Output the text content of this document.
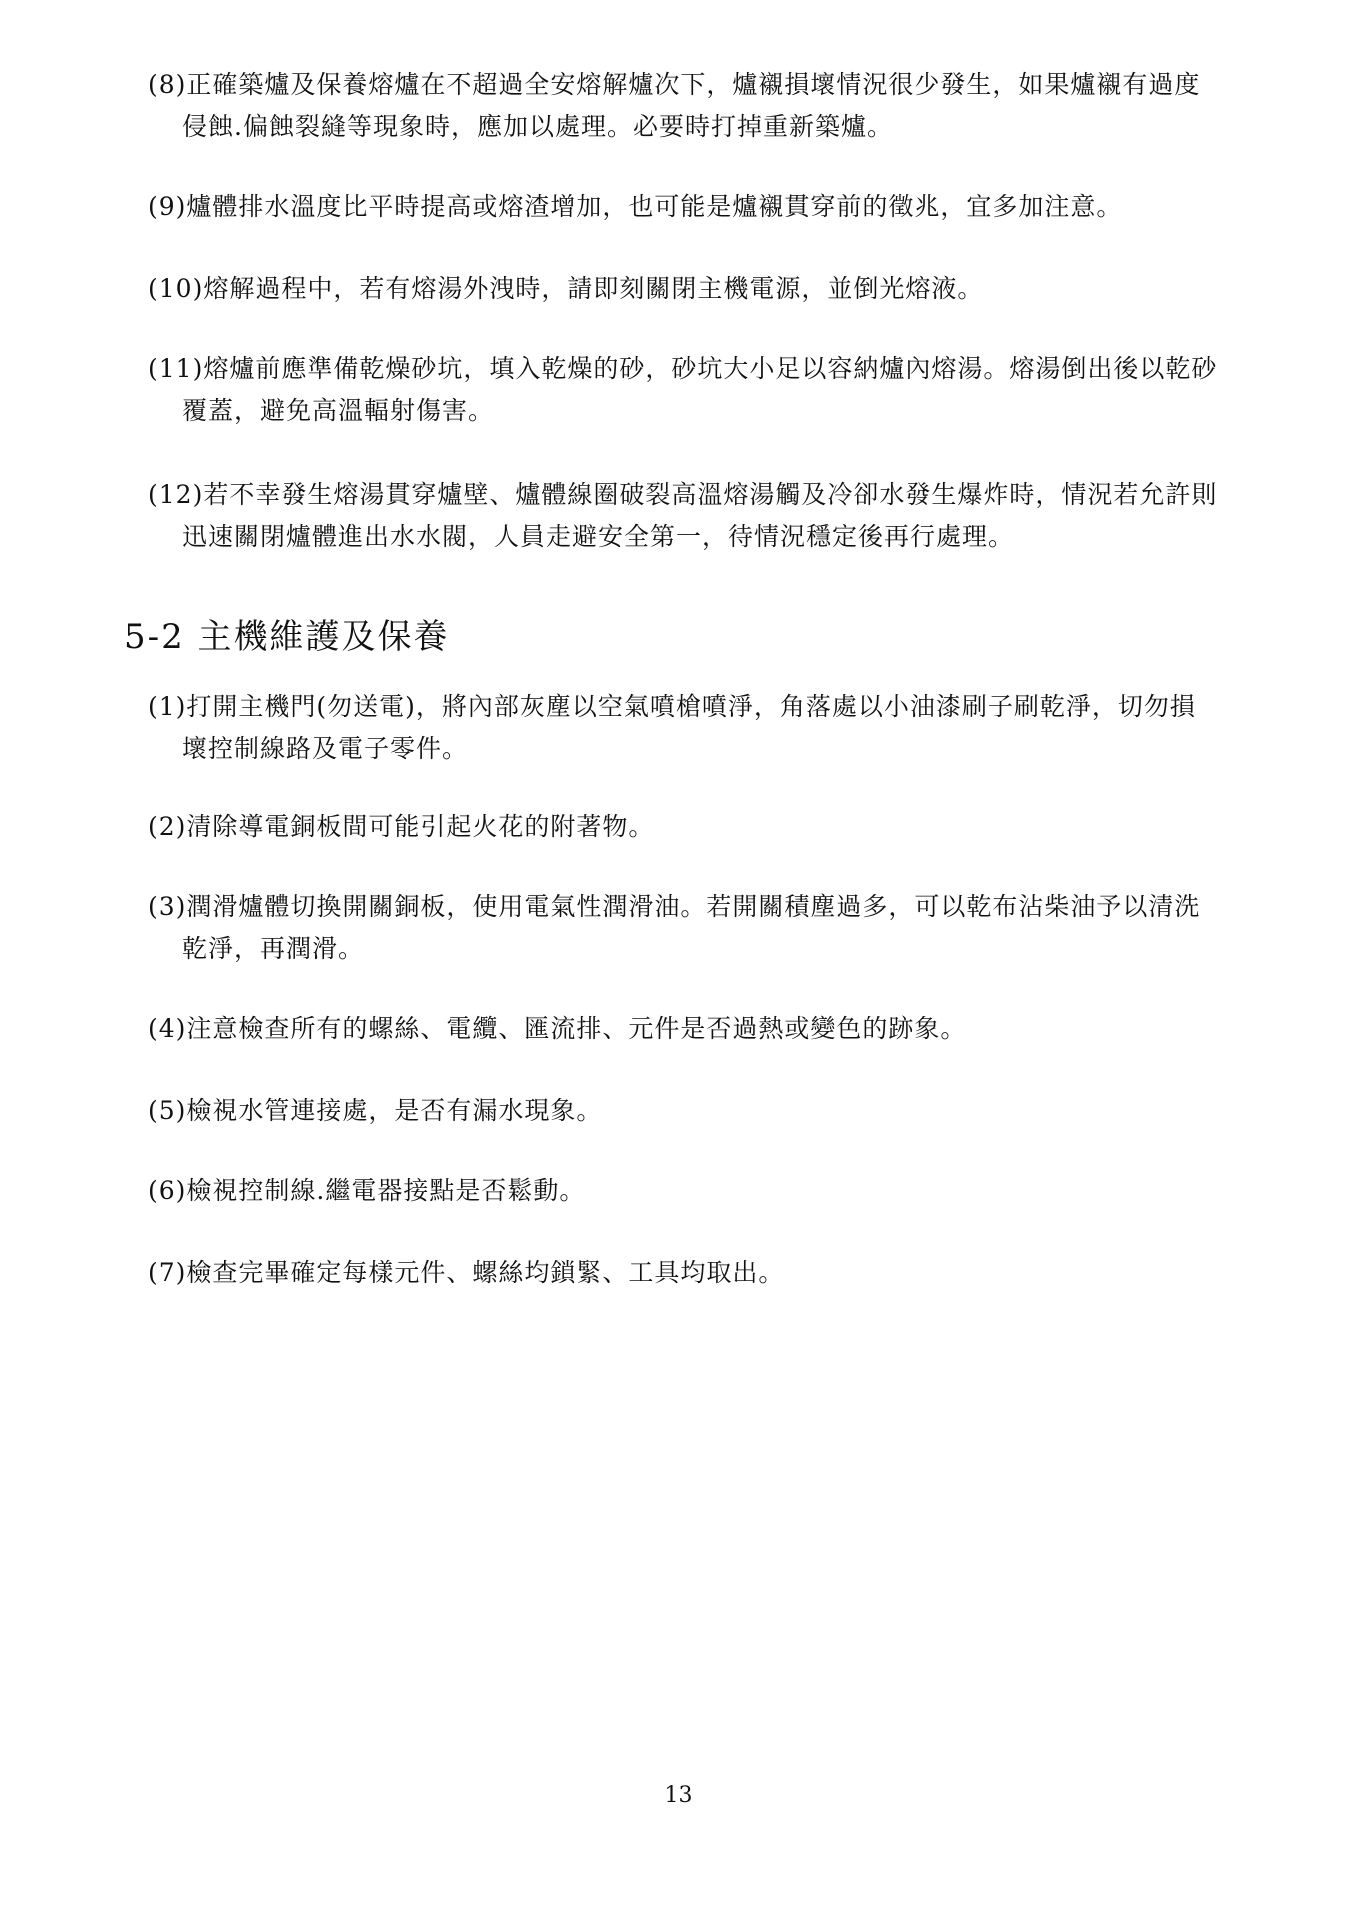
(8)正確築爐及保養熔爐在不超過全安熔解爐次下，爐襯損壞情況很少發生，如果爐襯有過度
侵蝕.偏蝕裂縫等現象時，應加以處理。必要時打掉重新築爐。
(9)爐體排水溫度比平時提高或熔渣增加，也可能是爐襯貫穿前的徵兆，宜多加注意。
(10)熔解過程中，若有熔湯外洩時，請即刻關閉主機電源，並倒光熔液。
(11)熔爐前應準備乾燥砂坑，填入乾燥的砂，砂坑大小足以容納爐內熔湯。熔湯倒出後以乾砂
覆蓋，避免高溫輻射傷害。
(12)若不幸發生熔湯貫穿爐壁、爐體線圈破裂高溫熔湯觸及冷卻水發生爆炸時，情況若允許則
迅速關閉爐體進出水水閥，人員走避安全第一，待情況穩定後再行處理。
5-2 主機維護及保養
(1)打開主機門(勿送電)，將內部灰塵以空氣噴槍噴淨，角落處以小油漆刷子刷乾淨，切勿損
壞控制線路及電子零件。
(2)清除導電銅板間可能引起火花的附著物。
(3)潤滑爐體切換開關銅板，使用電氣性潤滑油。若開關積塵過多，可以乾布沾柴油予以清洗
乾淨，再潤滑。
(4)注意檢查所有的螺絲、電纜、匯流排、元件是否過熱或變色的跡象。
(5)檢視水管連接處，是否有漏水現象。
(6)檢視控制線.繼電器接點是否鬆動。
(7)檢查完畢確定每樣元件、螺絲均鎖緊、工具均取出。
13
